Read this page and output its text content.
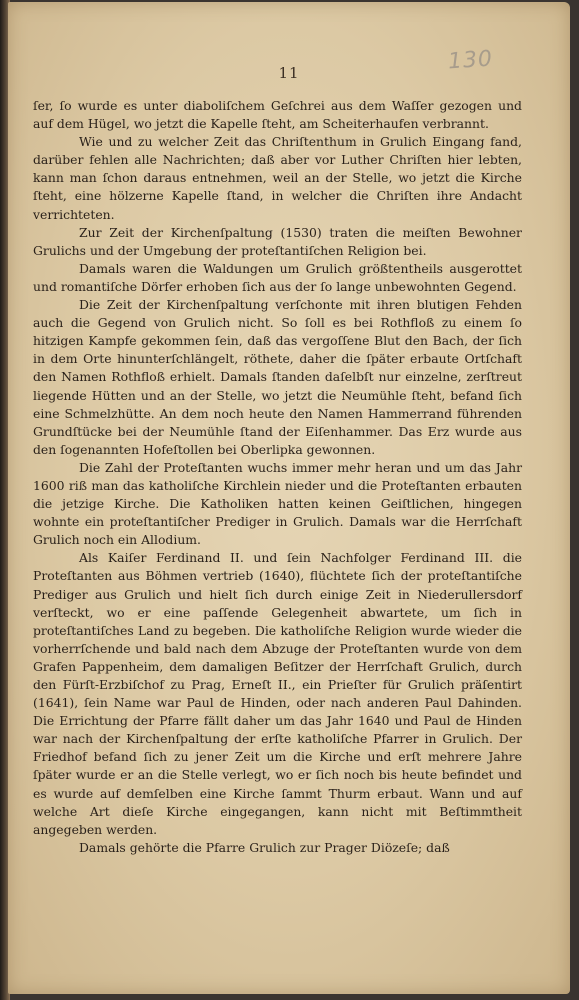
11	130

ſer, ſo wurde es unter diaboliſchem Geſchrei aus dem Waſſer gezogen und auf dem Hügel, wo jetzt die Kapelle ſteht, am Scheiterhaufen verbrannt.

Wie und zu welcher Zeit das Chriſtenthum in Grulich Eingang fand, darüber fehlen alle Nachrichten; daß aber vor Luther Chriſten hier lebten, kann man ſchon daraus entnehmen, weil an der Stelle, wo jetzt die Kirche ſteht, eine hölzerne Kapelle ſtand, in welcher die Chriſten ihre Andacht verrichteten.

Zur Zeit der Kirchenſpaltung (1530) traten die meiſten Bewohner Grulichs und der Umgebung der proteſtantiſchen Religion bei.

Damals waren die Waldungen um Grulich größtentheils ausgerottet und romantiſche Dörfer erhoben ſich aus der ſo lange unbewohnten Gegend.

Die Zeit der Kirchenſpaltung verſchonte mit ihren blutigen Fehden auch die Gegend von Grulich nicht. So ſoll es bei Rothfloß zu einem ſo hitzigen Kampfe gekommen ſein, daß das vergoſſene Blut den Bach, der ſich in dem Orte hinunterſchlängelt, röthete, daher die ſpäter erbaute Ortſchaft den Namen Rothfloß erhielt. Damals ſtanden daſelbſt nur einzelne, zerſtreut liegende Hütten und an der Stelle, wo jetzt die Neumühle ſteht, befand ſich eine Schmelzhütte. An dem noch heute den Namen Hammerrand führenden Grundſtücke bei der Neumühle ſtand der Eiſenhammer. Das Erz wurde aus den ſogenannten Hofeſtollen bei Oberlipka gewonnen.

Die Zahl der Proteſtanten wuchs immer mehr heran und um das Jahr 1600 riß man das katholiſche Kirchlein nieder und die Proteſtanten erbauten die jetzige Kirche. Die Katholiken hatten keinen Geiſtlichen, hingegen wohnte ein proteſtantiſcher Prediger in Grulich. Damals war die Herrſchaft Grulich noch ein Allodium.

Als Kaiſer Ferdinand II. und ſein Nachfolger Ferdinand III. die Proteſtanten aus Böhmen vertrieb (1640), flüchtete ſich der proteſtantiſche Prediger aus Grulich und hielt ſich durch einige Zeit in Niederullersdorf verſteckt, wo er eine paſſende Gelegenheit abwartete, um ſich in proteſtantiſches Land zu begeben. Die katholiſche Religion wurde wieder die vorherrſchende und bald nach dem Abzuge der Proteſtanten wurde von dem Grafen Pappenheim, dem damaligen Beſitzer der Herrſchaft Grulich, durch den Fürſt-Erzbiſchof zu Prag, Erneſt II., ein Prieſter für Grulich präſentirt (1641), ſein Name war Paul de Hinden, oder nach anderen Paul Dahinden. Die Errichtung der Pfarre fällt daher um das Jahr 1640 und Paul de Hinden war nach der Kirchenſpaltung der erſte katholiſche Pfarrer in Grulich. Der Friedhof befand ſich zu jener Zeit um die Kirche und erſt mehrere Jahre ſpäter wurde er an die Stelle verlegt, wo er ſich noch bis heute befindet und es wurde auf demſelben eine Kirche ſammt Thurm erbaut. Wann und auf welche Art dieſe Kirche eingegangen, kann nicht mit Beſtimmtheit angegeben werden.

Damals gehörte die Pfarre Grulich zur Prager Diözeſe; daß
